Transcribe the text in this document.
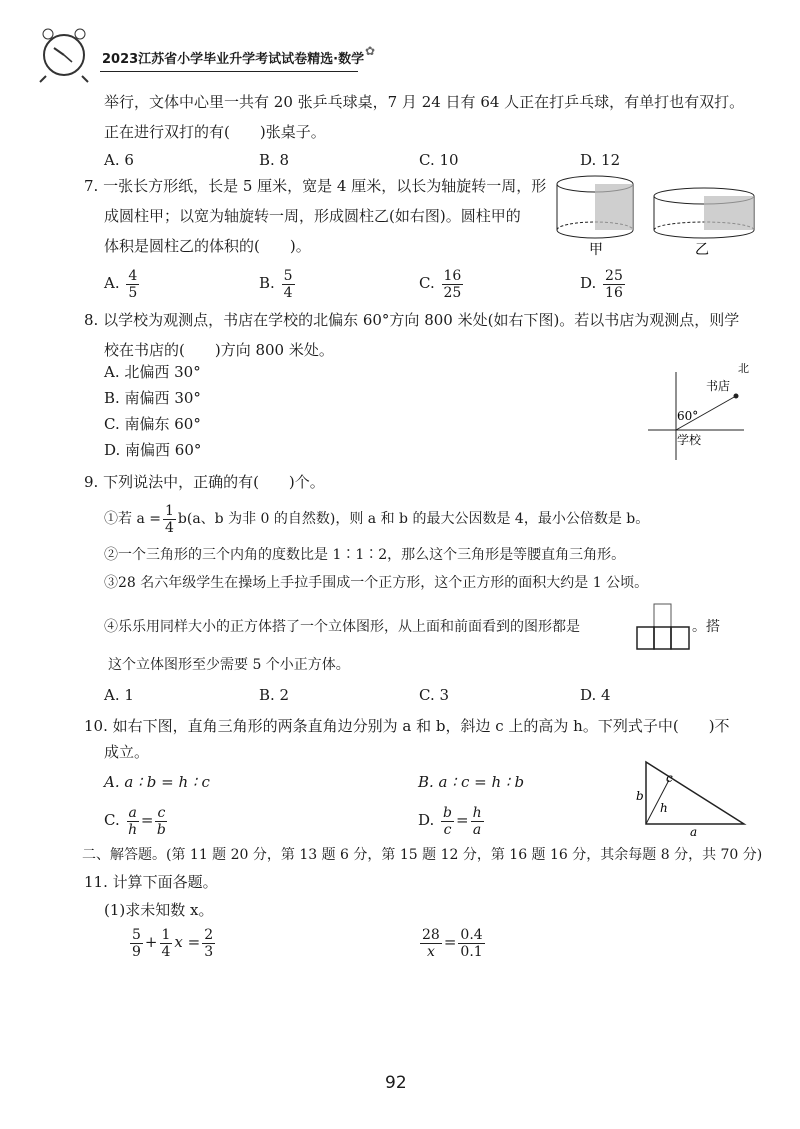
2023江苏省小学毕业升学考试试卷精选·数学
✿
举行，文体中心里一共有 20 张乒乓球桌，7 月 24 日有 64 人正在打乒乓球，有单打也有双打。
正在进行双打的有(　　)张桌子。
A. 6	B. 8	C. 10	D. 12
7. 一张长方形纸，长是 5 厘米，宽是 4 厘米，以长为轴旋转一周，形
成圆柱甲；以宽为轴旋转一周，形成圆柱乙(如右图)。圆柱甲的
体积是圆柱乙的体积的(　　)。	甲	乙
A. $\frac{4}{5}$	B. $\frac{5}{4}$	C. $\frac{16}{25}$	D. $\frac{25}{16}$
8. 以学校为观测点，书店在学校的北偏东 60°方向 800 米处(如右下图)。若以书店为观测点，则学
校在书店的(　　)方向 800 米处。
A. 北偏西 30°
B. 南偏西 30°
C. 南偏东 60°
D. 南偏西 60°
北
书店
60°
学校
9. 下列说法中，正确的有(　　)个。
①若 $a = \frac{1}{4} b(a$、b 为非 0 的自然数)，则 a 和 b 的最大公因数是 4，最小公倍数是 b。
②一个三角形的三个内角的度数比是 1∶1∶2，那么这个三角形是等腰直角三角形。
③28 名六年级学生在操场上手拉手围成一个正方形，这个正方形的面积大约是 1 公顷。
④乐乐用同样大小的正方体搭了一个立体图形，从上面和前面看到的图形都是	。搭
这个立体图形至少需要 5 个小正方体。
A. 1	B. 2	C. 3	D. 4
10. 如右下图，直角三角形的两条直角边分别为 a 和 b，斜边 c 上的高为 h。下列式子中(　　)不
成立。
A. a ∶ b = h ∶ c	B. a ∶ c = h ∶ b
C. $\frac{a}{h} = \frac{c}{b}$	D. $\frac{b}{c} = \frac{h}{a}$
c
b
h
a
二、解答题。(第 11 题 20 分，第 13 题 6 分，第 15 题 12 分，第 16 题 16 分，其余每题 8 分，共 70 分)
11. 计算下面各题。
(1)求未知数 x。
$\frac{5}{9} + \frac{1}{4}$ $x = \frac{2}{3}$	$\frac{28}{x} = \frac{0.4}{0.1}$
92
